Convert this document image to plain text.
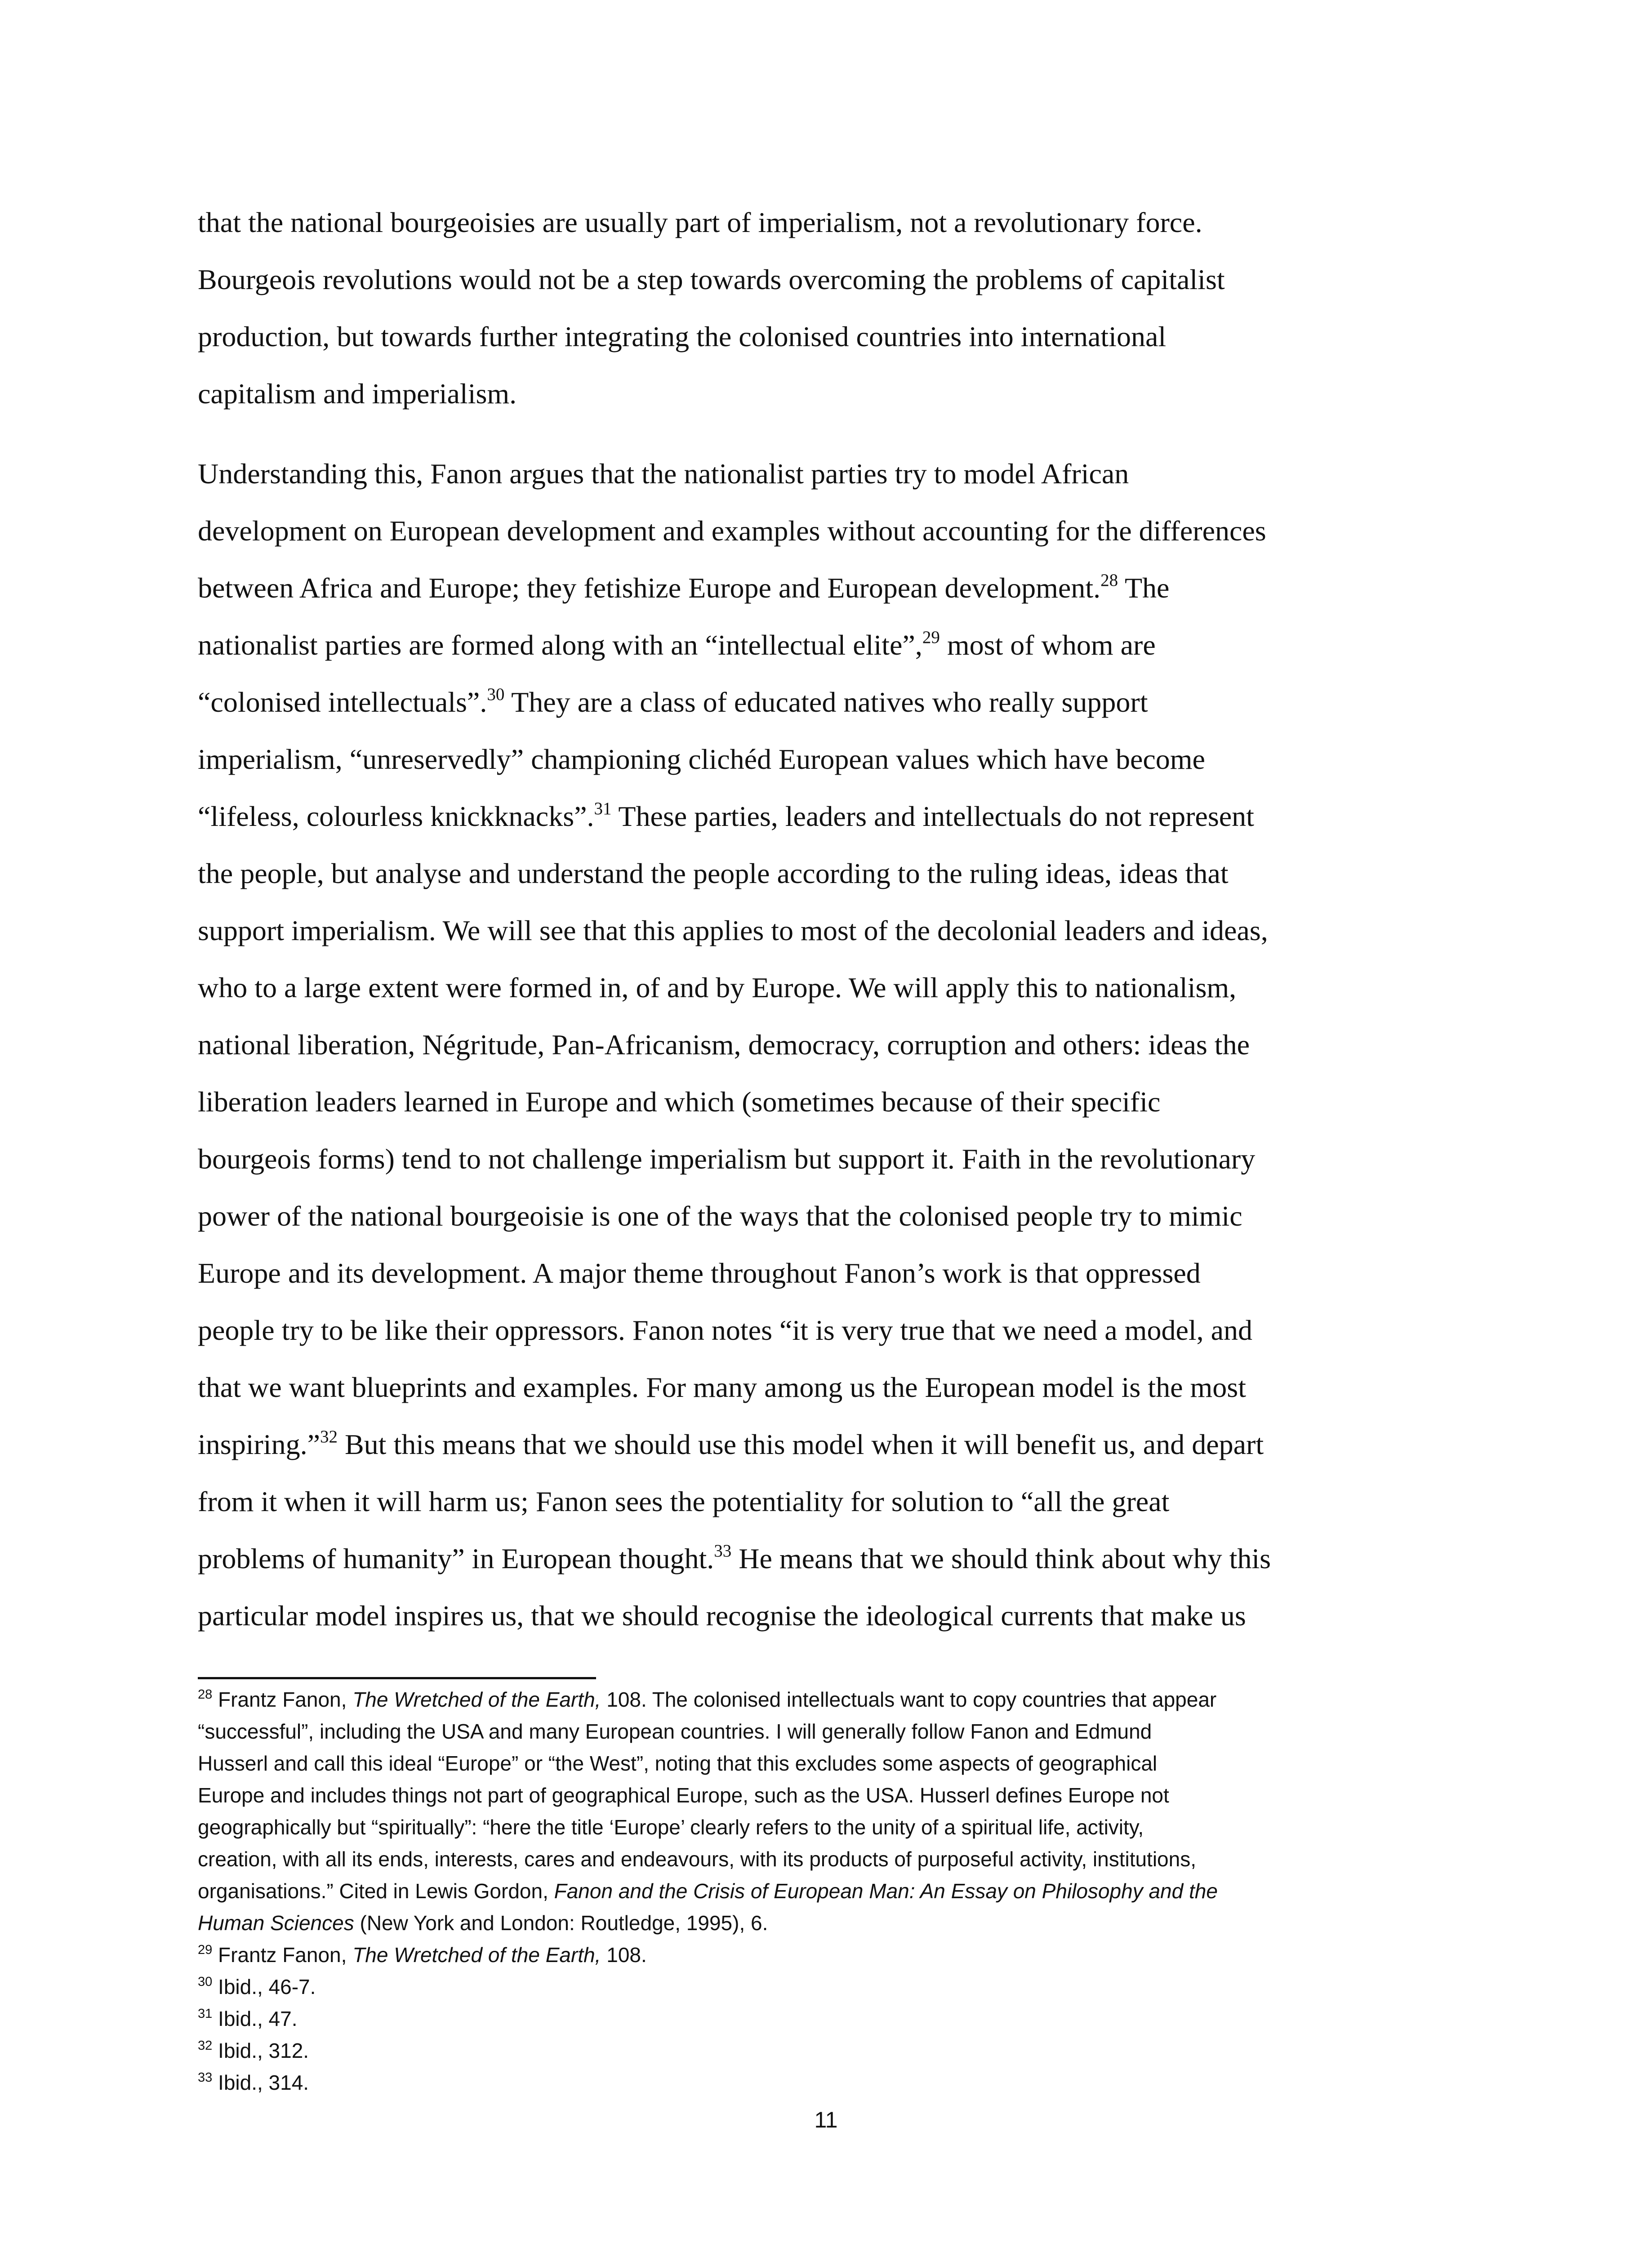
that the national bourgeoisies are usually part of imperialism, not a revolutionary force.
Bourgeois revolutions would not be a step towards overcoming the problems of capitalist
production, but towards further integrating the colonised countries into international
capitalism and imperialism.
Understanding this, Fanon argues that the nationalist parties try to model African
development on European development and examples without accounting for the differences
between Africa and Europe; they fetishize Europe and European development.$^{28}$ The
nationalist parties are formed along with an “intellectual elite”,$^{29}$ most of whom are
“colonised intellectuals”.$^{30}$ They are a class of educated natives who really support
imperialism, “unreservedly” championing clichéd European values which have become
“lifeless, colourless knickknacks”.$^{31}$ These parties, leaders and intellectuals do not represent
the people, but analyse and understand the people according to the ruling ideas, ideas that
support imperialism. We will see that this applies to most of the decolonial leaders and ideas,
who to a large extent were formed in, of and by Europe. We will apply this to nationalism,
national liberation, Négritude, Pan-Africanism, democracy, corruption and others: ideas the
liberation leaders learned in Europe and which (sometimes because of their specific
bourgeois forms) tend to not challenge imperialism but support it. Faith in the revolutionary
power of the national bourgeoisie is one of the ways that the colonised people try to mimic
Europe and its development. A major theme throughout Fanon’s work is that oppressed
people try to be like their oppressors. Fanon notes “it is very true that we need a model, and
that we want blueprints and examples. For many among us the European model is the most
inspiring.”$^{32}$ But this means that we should use this model when it will benefit us, and depart
from it when it will harm us; Fanon sees the potentiality for solution to “all the great
problems of humanity” in European thought.$^{33}$ He means that we should think about why this
particular model inspires us, that we should recognise the ideological currents that make us
$^{28}$ Frantz Fanon, The Wretched of the Earth, 108. The colonised intellectuals want to copy countries that appear
“successful”, including the USA and many European countries. I will generally follow Fanon and Edmund
Husserl and call this ideal “Europe” or “the West”, noting that this excludes some aspects of geographical
Europe and includes things not part of geographical Europe, such as the USA. Husserl defines Europe not
geographically but “spiritually”: “here the title ‘Europe’ clearly refers to the unity of a spiritual life, activity,
creation, with all its ends, interests, cares and endeavours, with its products of purposeful activity, institutions,
organisations.” Cited in Lewis Gordon, Fanon and the Crisis of European Man: An Essay on Philosophy and the
Human Sciences (New York and London: Routledge, 1995), 6.
$^{29}$ Frantz Fanon, The Wretched of the Earth, 108.
$^{30}$ Ibid., 46-7.
$^{31}$ Ibid., 47.
$^{32}$ Ibid., 312.
$^{33}$ Ibid., 314.
11
